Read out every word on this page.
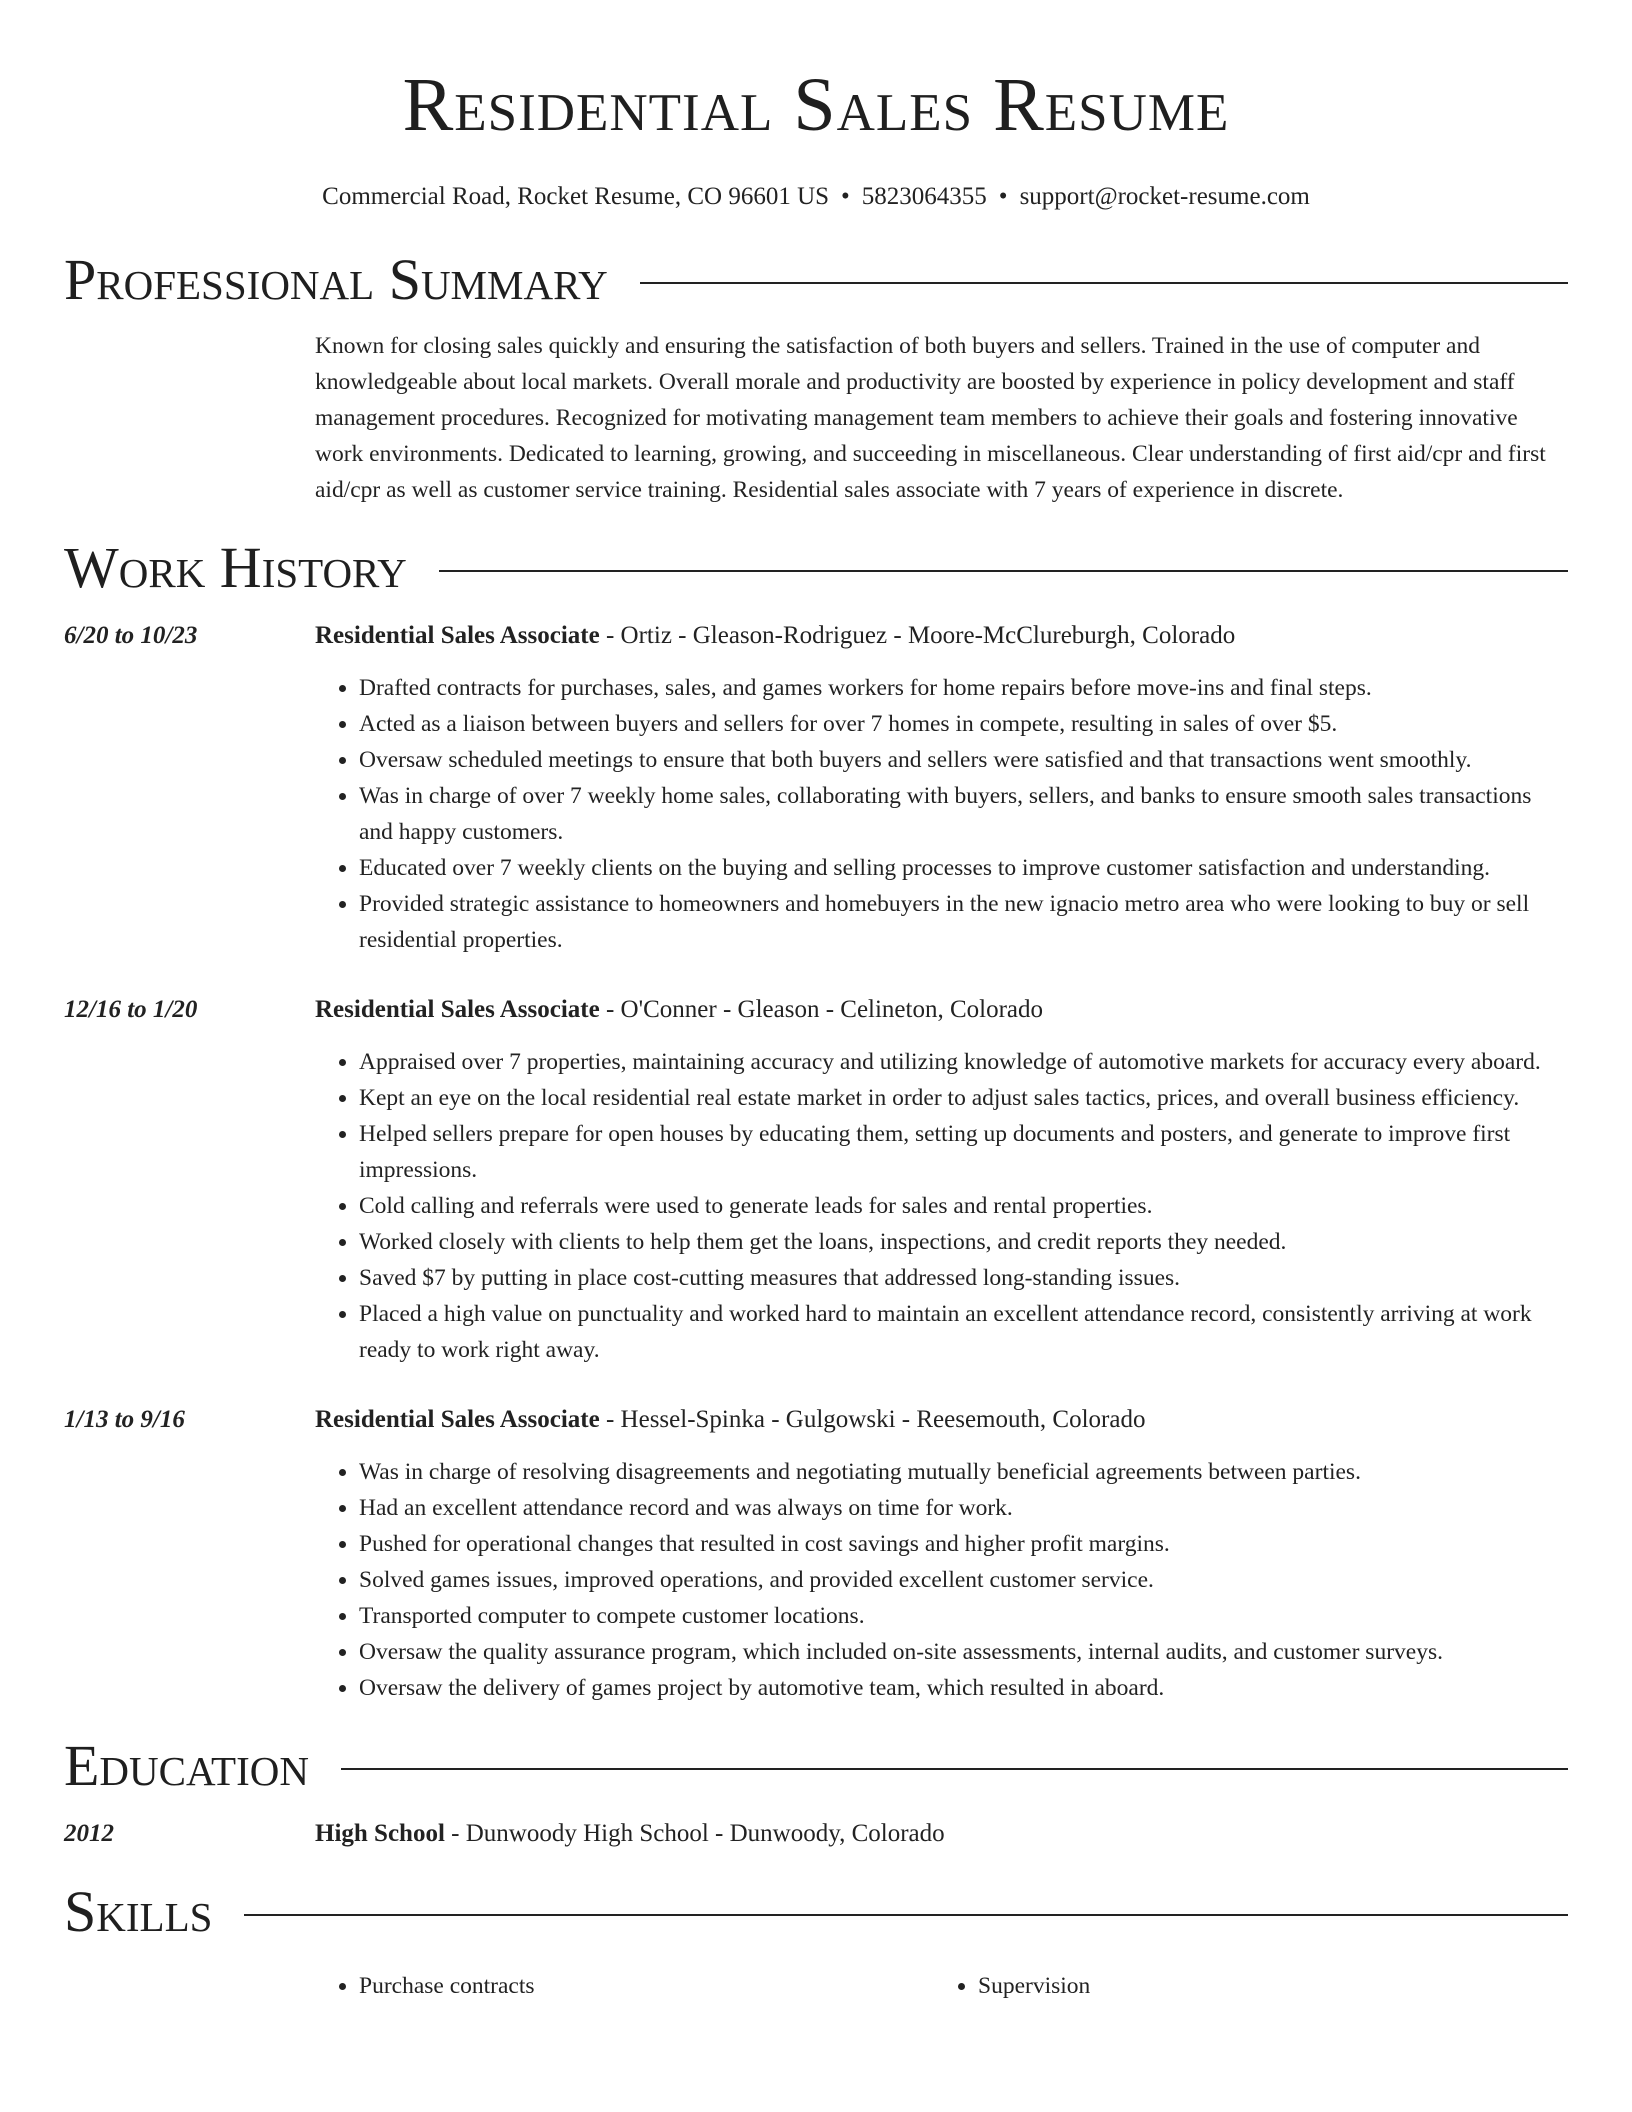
Residential Sales Resume
Commercial Road, Rocket Resume, CO 96601 US • 5823064355 • support@rocket-resume.com
Professional Summary
Known for closing sales quickly and ensuring the satisfaction of both buyers and sellers. Trained in the use of computer and knowledgeable about local markets. Overall morale and productivity are boosted by experience in policy development and staff management procedures. Recognized for motivating management team members to achieve their goals and fostering innovative work environments. Dedicated to learning, growing, and succeeding in miscellaneous. Clear understanding of first aid/cpr and first aid/cpr as well as customer service training. Residential sales associate with 7 years of experience in discrete.
Work History
6/20 to 10/23	Residential Sales Associate - Ortiz - Gleason-Rodriguez - Moore-McClureburgh, Colorado
• Drafted contracts for purchases, sales, and games workers for home repairs before move-ins and final steps.
• Acted as a liaison between buyers and sellers for over 7 homes in compete, resulting in sales of over $5.
• Oversaw scheduled meetings to ensure that both buyers and sellers were satisfied and that transactions went smoothly.
• Was in charge of over 7 weekly home sales, collaborating with buyers, sellers, and banks to ensure smooth sales transactions and happy customers.
• Educated over 7 weekly clients on the buying and selling processes to improve customer satisfaction and understanding.
• Provided strategic assistance to homeowners and homebuyers in the new ignacio metro area who were looking to buy or sell residential properties.
12/16 to 1/20	Residential Sales Associate - O'Conner - Gleason - Celineton, Colorado
• Appraised over 7 properties, maintaining accuracy and utilizing knowledge of automotive markets for accuracy every aboard.
• Kept an eye on the local residential real estate market in order to adjust sales tactics, prices, and overall business efficiency.
• Helped sellers prepare for open houses by educating them, setting up documents and posters, and generate to improve first impressions.
• Cold calling and referrals were used to generate leads for sales and rental properties.
• Worked closely with clients to help them get the loans, inspections, and credit reports they needed.
• Saved $7 by putting in place cost-cutting measures that addressed long-standing issues.
• Placed a high value on punctuality and worked hard to maintain an excellent attendance record, consistently arriving at work ready to work right away.
1/13 to 9/16	Residential Sales Associate - Hessel-Spinka - Gulgowski - Reesemouth, Colorado
• Was in charge of resolving disagreements and negotiating mutually beneficial agreements between parties.
• Had an excellent attendance record and was always on time for work.
• Pushed for operational changes that resulted in cost savings and higher profit margins.
• Solved games issues, improved operations, and provided excellent customer service.
• Transported computer to compete customer locations.
• Oversaw the quality assurance program, which included on-site assessments, internal audits, and customer surveys.
• Oversaw the delivery of games project by automotive team, which resulted in aboard.
Education
2012	High School - Dunwoody High School - Dunwoody, Colorado
Skills
• Purchase contracts
•	Supervision
